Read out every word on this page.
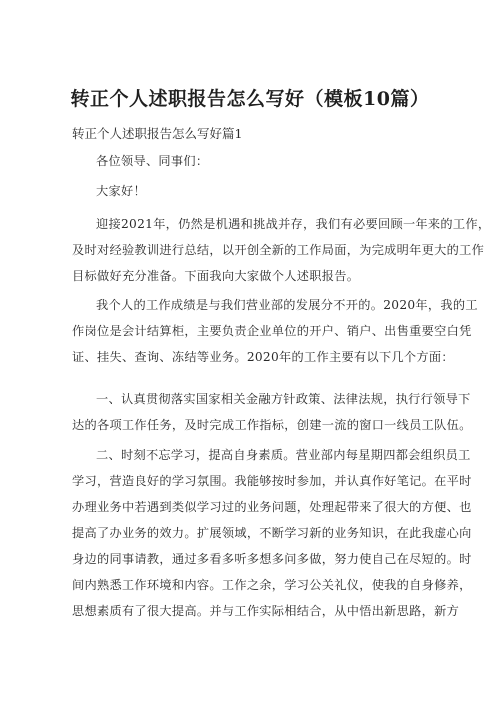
转正个人述职报告怎么写好（模板10篇）
转正个人述职报告怎么写好篇1
各位领导、同事们：
大家好！
迎接2021年，仍然是机遇和挑战并存，我们有必要回顾一年来的工作，
及时对经验教训进行总结，以开创全新的工作局面，为完成明年更大的工作
目标做好充分准备。下面我向大家做个人述职报告。
我个人的工作成绩是与我们营业部的发展分不开的。2020年，我的工
作岗位是会计结算柜，主要负责企业单位的开户、销户、出售重要空白凭
证、挂失、查询、冻结等业务。2020年的工作主要有以下几个方面：
一、认真贯彻落实国家相关金融方针政策、法律法规，执行行领导下
达的各项工作任务，及时完成工作指标，创建一流的窗口一线员工队伍。
二、时刻不忘学习，提高自身素质。营业部内每星期四都会组织员工
学习，营造良好的学习氛围。我能够按时参加，并认真作好笔记。在平时
办理业务中若遇到类似学习过的业务问题，处理起带来了很大的方便、也
提高了办业务的效力。扩展领域，不断学习新的业务知识，在此我虚心向
身边的同事请教，通过多看多听多想多问多做，努力使自己在尽短的。时
间内熟悉工作环境和内容。工作之余，学习公关礼仪，使我的自身修养，
思想素质有了很大提高。并与工作实际相结合，从中悟出新思路，新方
